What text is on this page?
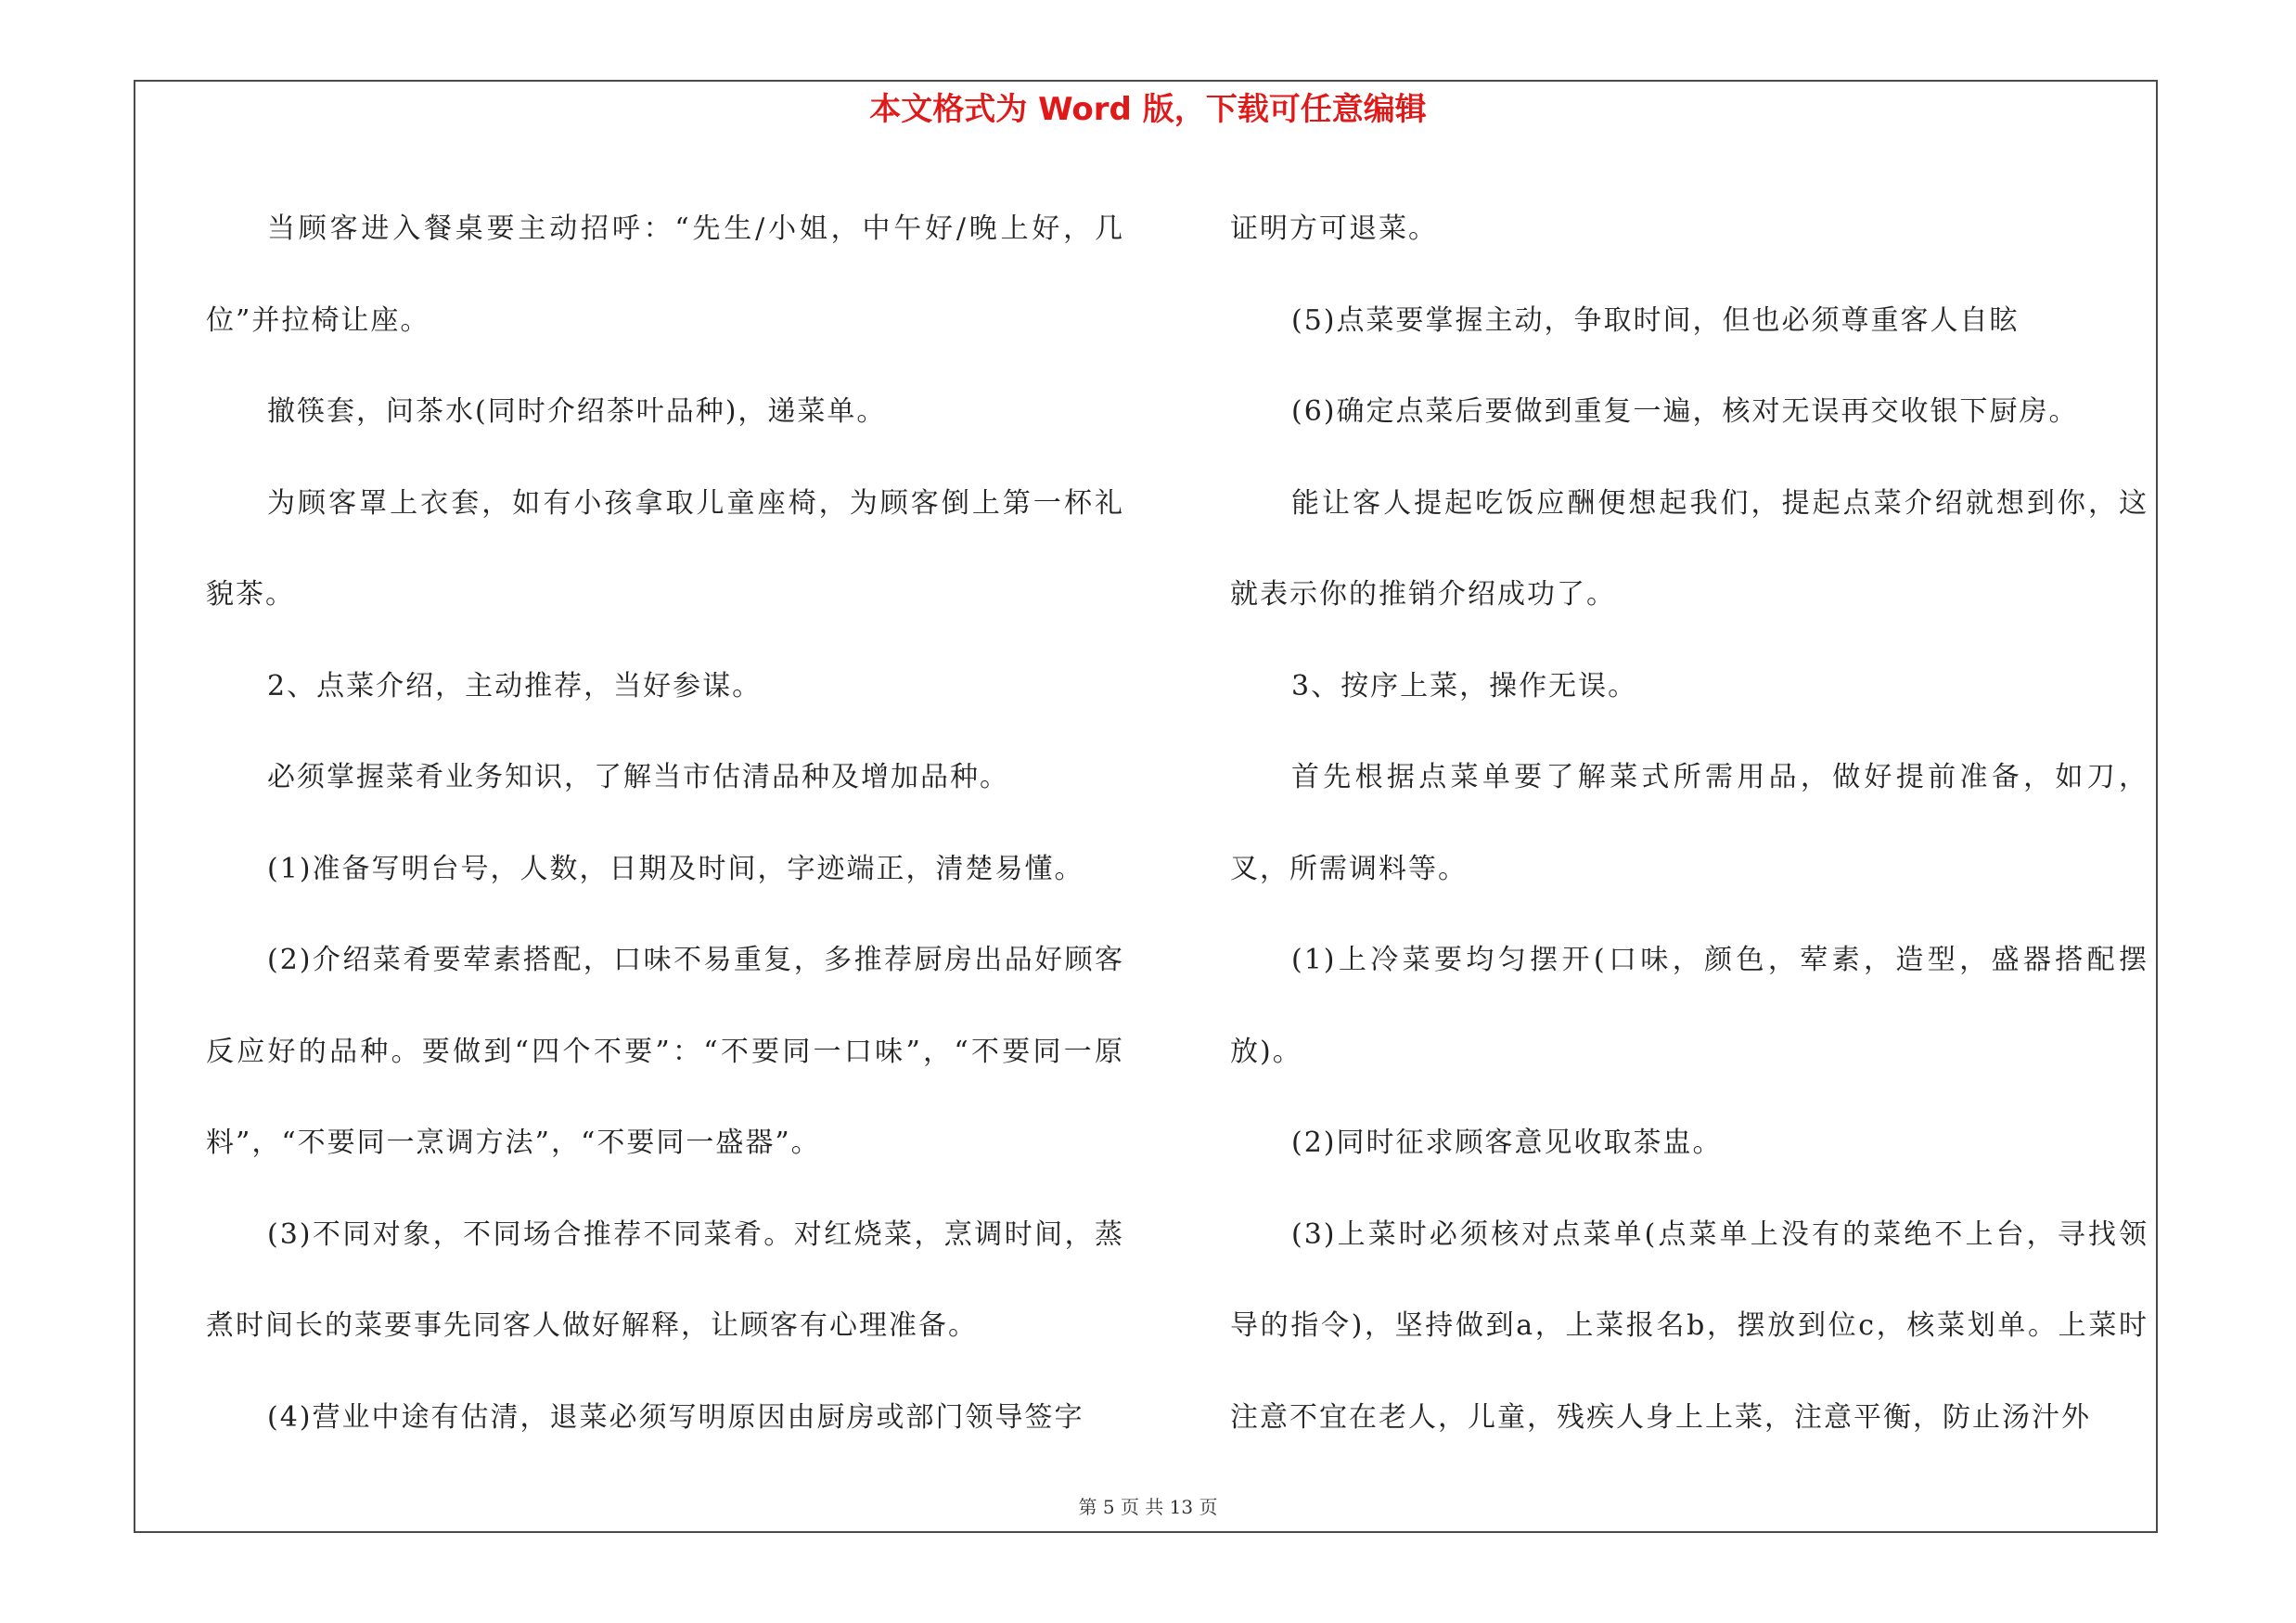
本文格式为 Word 版，下载可任意编辑

当顾客进入餐桌要主动招呼：“先生/小姐，中午好/晚上好，几位”并拉椅让座。

撤筷套，问茶水(同时介绍茶叶品种)，递菜单。

为顾客罩上衣套，如有小孩拿取儿童座椅，为顾客倒上第一杯礼貌茶。

2、点菜介绍，主动推荐，当好参谋。

必须掌握菜肴业务知识，了解当市估清品种及增加品种。

(1)准备写明台号，人数，日期及时间，字迹端正，清楚易懂。

(2)介绍菜肴要荤素搭配，口味不易重复，多推荐厨房出品好顾客反应好的品种。要做到“四个不要”：“不要同一口味”，“不要同一原料”，“不要同一烹调方法”，“不要同一盛器”。

(3)不同对象，不同场合推荐不同菜肴。对红烧菜，烹调时间，蒸煮时间长的菜要事先同客人做好解释，让顾客有心理准备。

(4)营业中途有估清，退菜必须写明原因由厨房或部门领导签字

证明方可退菜。

(5)点菜要掌握主动，争取时间，但也必须尊重客人自眩

(6)确定点菜后要做到重复一遍，核对无误再交收银下厨房。

能让客人提起吃饭应酬便想起我们，提起点菜介绍就想到你，这就表示你的推销介绍成功了。

3、按序上菜，操作无误。

首先根据点菜单要了解菜式所需用品，做好提前准备，如刀，叉，所需调料等。

(1)上冷菜要均匀摆开(口味，颜色，荤素，造型，盛器搭配摆放)。

(2)同时征求顾客意见收取茶盅。

(3)上菜时必须核对点菜单(点菜单上没有的菜绝不上台，寻找领导的指令)，坚持做到a，上菜报名b，摆放到位c，核菜划单。上菜时注意不宜在老人，儿童，残疾人身上上菜，注意平衡，防止汤汁外

第 5 页 共 13 页
